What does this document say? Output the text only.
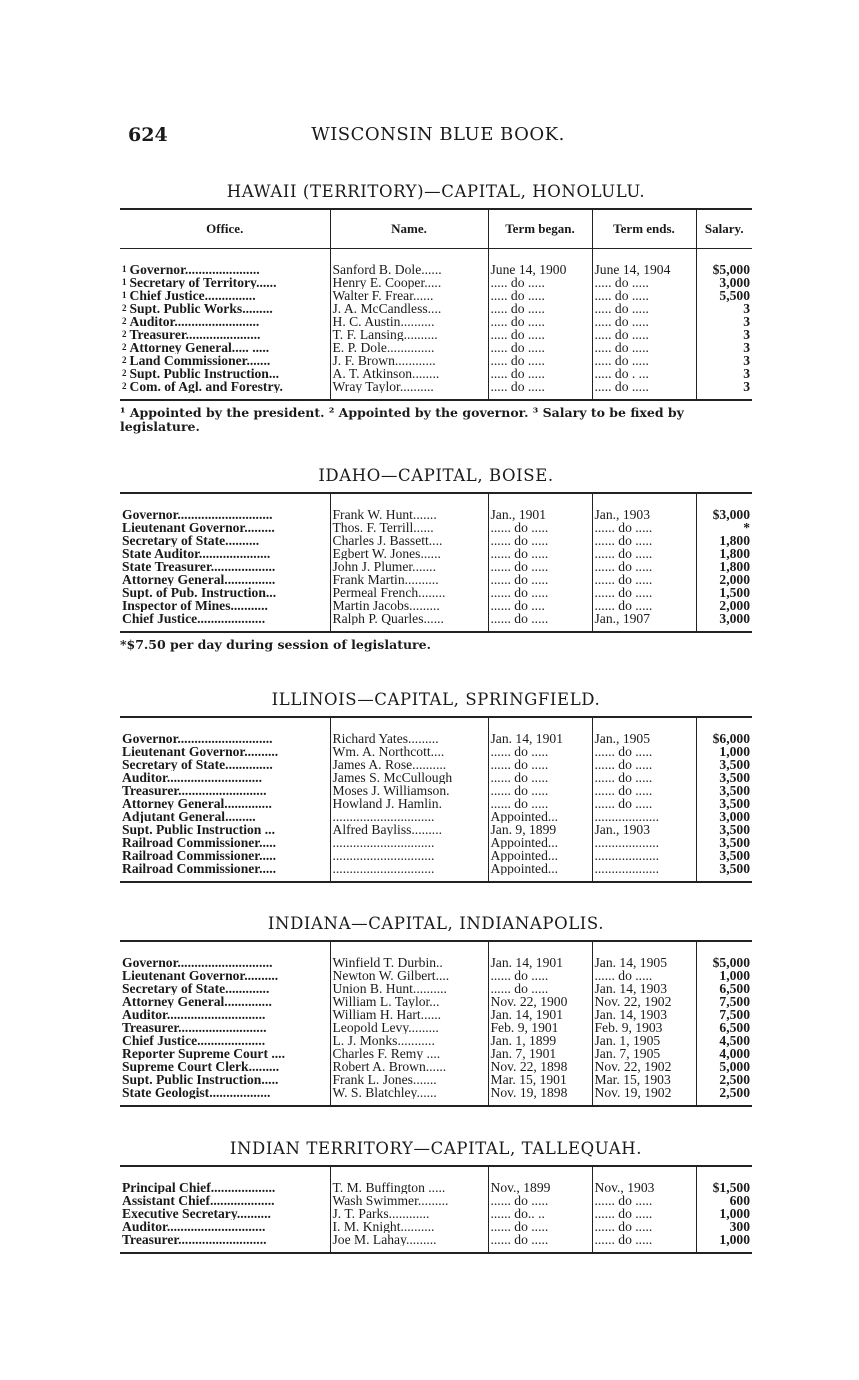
624	WISCONSIN BLUE BOOK.
HAWAII (TERRITORY)—CAPITAL, HONOLULU.
Office.	Name.	Term began.	Term ends.	Salary.

$^1$ Governor......................	Sanford B. Dole......	June 14, 1900	June 14, 1904	$5,000
$^1$ Secretary of Territory......	Henry E. Cooper.....	..... do .....	..... do .....	3,000
$^1$ Chief Justice...............	Walter F. Frear......	..... do .....	..... do .....	5,500
$^2$ Supt. Public Works.........	J. A. McCandless....	..... do .....	..... do .....	3
$^2$ Auditor.........................	H. C. Austin..........	..... do .....	..... do .....	3
$^2$ Treasurer......................	T. F. Lansing..........	..... do .....	..... do .....	3
$^2$ Attorney General..... .....	E. P. Dole..............	..... do .....	..... do .....	3
$^2$ Land Commissioner.......	J. F. Brown............	..... do .....	..... do .....	3
$^2$ Supt. Public Instruction...	A. T. Atkinson........	..... do .....	..... do . ...	3
$^2$ Com. of Agl. and Forestry.	Wray Taylor..........	..... do .....	..... do .....	3

¹ Appointed by the president. ² Appointed by the governor. ³ Salary to be fixed by legislature.
IDAHO—CAPITAL, BOISE.

Governor............................	Frank W. Hunt.......	Jan., 1901	Jan., 1903	$3,000
Lieutenant Governor.........	Thos. F. Terrill......	...... do .....	...... do .....	*
Secretary of State..........	Charles J. Bassett....	...... do .....	...... do .....	1,800
State Auditor.....................	Egbert W. Jones......	...... do .....	...... do .....	1,800
State Treasurer...................	John J. Plumer.......	...... do .....	...... do .....	1,800
Attorney General...............	Frank Martin..........	...... do .....	...... do .....	2,000
Supt. of Pub. Instruction...	Permeal French........	...... do .....	...... do .....	1,500
Inspector of Mines...........	Martin Jacobs.........	...... do ....	...... do .....	2,000
Chief Justice....................	Ralph P. Quarles......	...... do .....	Jan., 1907	3,000

*$7.50 per day during session of legislature.
ILLINOIS—CAPITAL, SPRINGFIELD.

Governor............................	Richard Yates.........	Jan. 14, 1901	Jan., 1905	$6,000
Lieutenant Governor..........	Wm. A. Northcott....	...... do .....	...... do .....	1,000
Secretary of State..............	James A. Rose..........	...... do .....	...... do .....	3,500
Auditor............................	James S. McCullough	...... do .....	...... do .....	3,500
Treasurer..........................	Moses J. Williamson.	...... do .....	...... do .....	3,500
Attorney General..............	Howland J. Hamlin.	...... do .....	...... do .....	3,500
Adjutant General.........	..............................	Appointed...	...................	3,000
Supt. Public Instruction ...	Alfred Bayliss.........	Jan. 9, 1899	Jan., 1903	3,500
Railroad Commissioner.....	..............................	Appointed...	...................	3,500
Railroad Commissioner.....	..............................	Appointed...	...................	3,500
Railroad Commissioner.....	..............................	Appointed...	...................	3,500

INDIANA—CAPITAL, INDIANAPOLIS.

Governor............................	Winfield T. Durbin..	Jan. 14, 1901	Jan. 14, 1905	$5,000
Lieutenant Governor..........	Newton W. Gilbert....	...... do .....	...... do .....	1,000
Secretary of State.............	Union B. Hunt..........	...... do .....	Jan. 14, 1903	6,500
Attorney General..............	William L. Taylor...	Nov. 22, 1900	Nov. 22, 1902	7,500
Auditor.............................	William H. Hart......	Jan. 14, 1901	Jan. 14, 1903	7,500
Treasurer..........................	Leopold Levy.........	Feb. 9, 1901	Feb. 9, 1903	6,500
Chief Justice....................	L. J. Monks...........	Jan. 1, 1899	Jan. 1, 1905	4,500
Reporter Supreme Court ....	Charles F. Remy ....	Jan. 7, 1901	Jan. 7, 1905	4,000
Supreme Court Clerk.........	Robert A. Brown......	Nov. 22, 1898	Nov. 22, 1902	5,000
Supt. Public Instruction.....	Frank L. Jones.......	Mar. 15, 1901	Mar. 15, 1903	2,500
State Geologist..................	W. S. Blatchley......	Nov. 19, 1898	Nov. 19, 1902	2,500

INDIAN TERRITORY—CAPITAL, TALLEQUAH.

Principal Chief...................	T. M. Buffington .....	Nov., 1899	Nov., 1903	$1,500
Assistant Chief...................	Wash Swimmer.........	...... do .....	...... do .....	600
Executive Secretary..........	J. T. Parks............	...... do.. ..	...... do .....	1,000
Auditor.............................	I. M. Knight..........	...... do .....	...... do .....	300
Treasurer..........................	Joe M. Lahay.........	...... do .....	...... do .....	1,000
